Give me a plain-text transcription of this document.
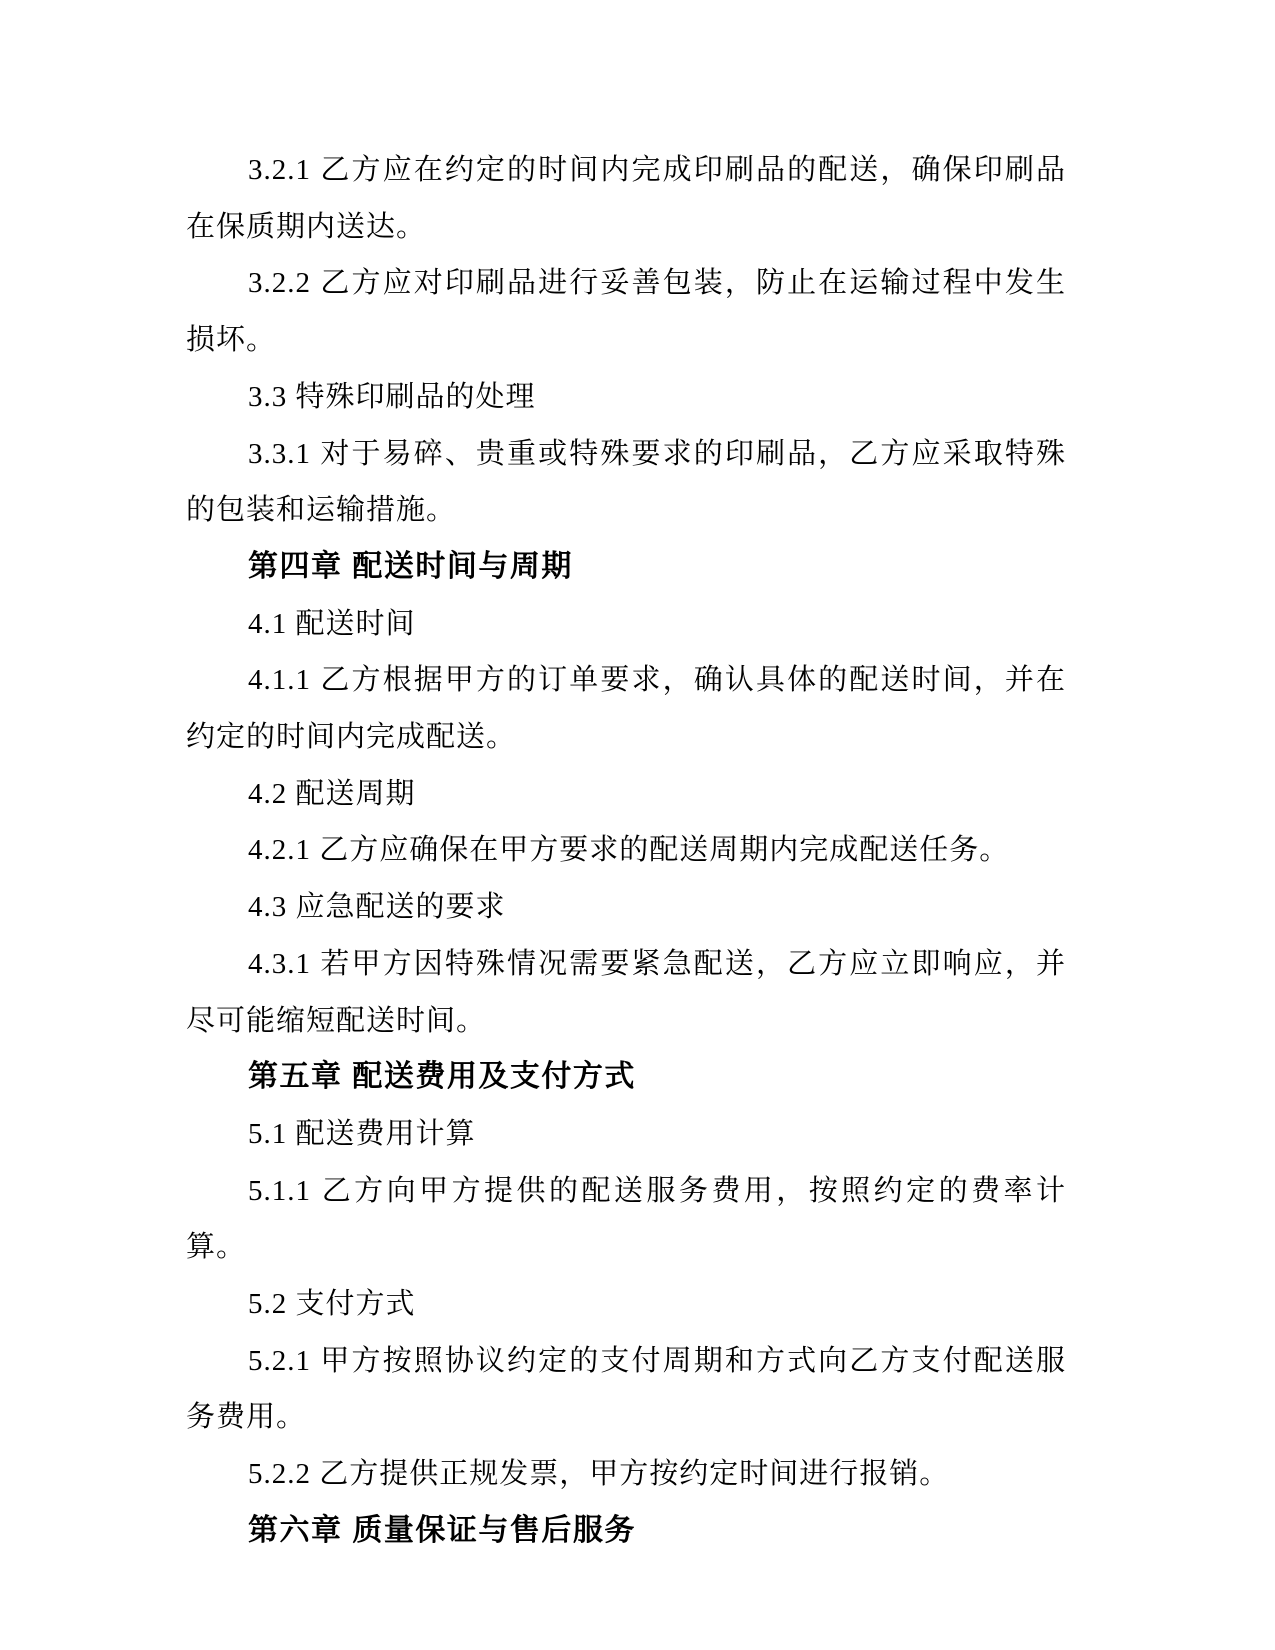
3.2.1 乙方应在约定的时间内完成印刷品的配送，确保印刷品在保质期内送达。

3.2.2 乙方应对印刷品进行妥善包装，防止在运输过程中发生损坏。

3.3 特殊印刷品的处理

3.3.1 对于易碎、贵重或特殊要求的印刷品，乙方应采取特殊的包装和运输措施。

第四章 配送时间与周期

4.1 配送时间

4.1.1 乙方根据甲方的订单要求，确认具体的配送时间，并在约定的时间内完成配送。

4.2 配送周期

4.2.1 乙方应确保在甲方要求的配送周期内完成配送任务。

4.3 应急配送的要求

4.3.1 若甲方因特殊情况需要紧急配送，乙方应立即响应，并尽可能缩短配送时间。

第五章 配送费用及支付方式

5.1 配送费用计算

5.1.1 乙方向甲方提供的配送服务费用，按照约定的费率计算。

5.2 支付方式

5.2.1 甲方按照协议约定的支付周期和方式向乙方支付配送服务费用。

5.2.2 乙方提供正规发票，甲方按约定时间进行报销。

第六章 质量保证与售后服务
